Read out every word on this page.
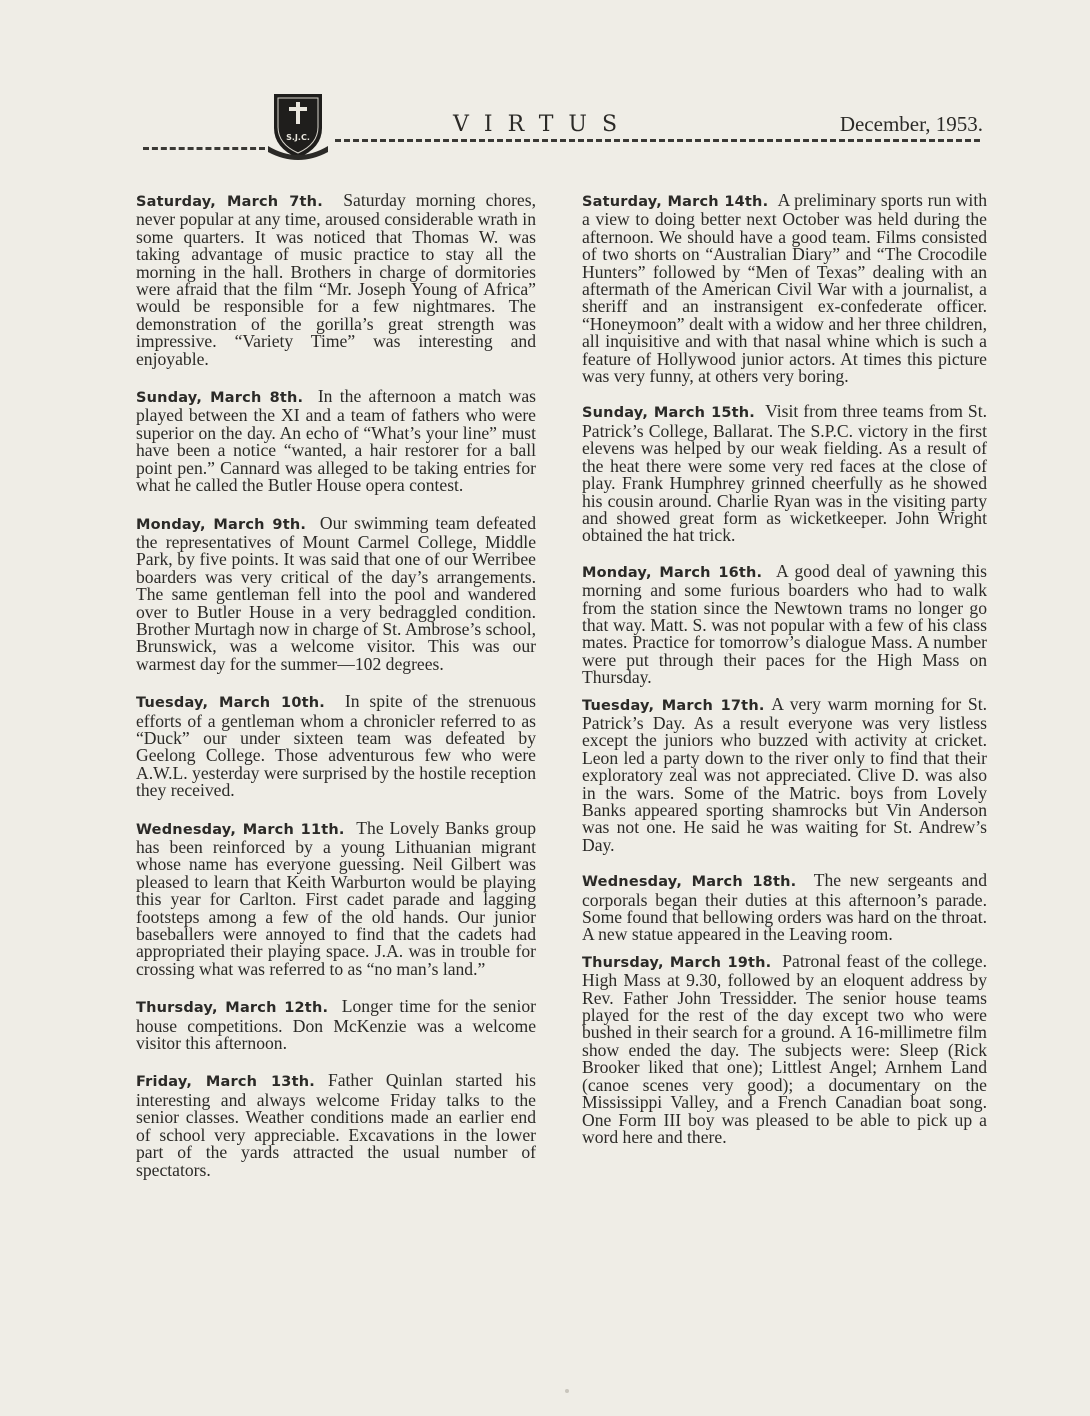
S.J.C.
VIRTUS	December, 1953.

Saturday, March 7th. Saturday morning chores, never popular at any time, aroused considerable wrath in some quarters. It was noticed that Thomas W. was taking advantage of music practice to stay all the morning in the hall. Brothers in charge of dormitories were afraid that the film “Mr. Joseph Young of Africa” would be responsible for a few nightmares. The demonstration of the gorilla’s great strength was impressive. “Variety Time” was interesting and enjoyable.

Sunday, March 8th. In the afternoon a match was played between the XI and a team of fathers who were superior on the day. An echo of “What’s your line” must have been a notice “wanted, a hair restorer for a ball point pen.” Cannard was alleged to be taking entries for what he called the Butler House opera contest.

Monday, March 9th. Our swimming team defeated the representatives of Mount Carmel College, Middle Park, by five points. It was said that one of our Werribee boarders was very critical of the day’s arrangements. The same gentleman fell into the pool and wandered over to Butler House in a very bedraggled condition. Brother Murtagh now in charge of St. Ambrose’s school, Brunswick, was a welcome visitor. This was our warmest day for the summer—102 degrees.

Tuesday, March 10th. In spite of the strenuous efforts of a gentleman whom a chronicler referred to as “Duck” our under sixteen team was defeated by Geelong College. Those adventurous few who were A.W.L. yesterday were surprised by the hostile reception they received.

Wednesday, March 11th. The Lovely Banks group has been reinforced by a young Lithuanian migrant whose name has everyone guessing. Neil Gilbert was pleased to learn that Keith Warburton would be playing this year for Carlton. First cadet parade and lagging footsteps among a few of the old hands. Our junior baseballers were annoyed to find that the cadets had appropriated their playing space. J.A. was in trouble for crossing what was referred to as “no man’s land.”

Thursday, March 12th. Longer time for the senior house competitions. Don McKenzie was a welcome visitor this afternoon.

Friday, March 13th. Father Quinlan started his interesting and always welcome Friday talks to the senior classes. Weather conditions made an earlier end of school very appreciable. Excavations in the lower part of the yards attracted the usual number of spectators.

Saturday, March 14th. A preliminary sports run with a view to doing better next October was held during the afternoon. We should have a good team. Films consisted of two shorts on “Australian Diary” and “The Crocodile Hunters” followed by “Men of Texas” dealing with an aftermath of the American Civil War with a journalist, a sheriff and an instransigent ex-confederate officer. “Honeymoon” dealt with a widow and her three children, all inquisitive and with that nasal whine which is such a feature of Hollywood junior actors. At times this picture was very funny, at others very boring.

Sunday, March 15th. Visit from three teams from St. Patrick’s College, Ballarat. The S.P.C. victory in the first elevens was helped by our weak fielding. As a result of the heat there were some very red faces at the close of play. Frank Humphrey grinned cheerfully as he showed his cousin around. Charlie Ryan was in the visiting party and showed great form as wicketkeeper. John Wright obtained the hat trick.

Monday, March 16th. A good deal of yawning this morning and some furious boarders who had to walk from the station since the Newtown trams no longer go that way. Matt. S. was not popular with a few of his class mates. Practice for tomorrow’s dialogue Mass. A number were put through their paces for the High Mass on Thursday.

Tuesday, March 17th. A very warm morning for St. Patrick’s Day. As a result everyone was very listless except the juniors who buzzed with activity at cricket. Leon led a party down to the river only to find that their exploratory zeal was not appreciated. Clive D. was also in the wars. Some of the Matric. boys from Lovely Banks appeared sporting shamrocks but Vin Anderson was not one. He said he was waiting for St. Andrew’s Day.

Wednesday, March 18th. The new sergeants and corporals began their duties at this afternoon’s parade. Some found that bellowing orders was hard on the throat. A new statue appeared in the Leaving room.

Thursday, March 19th. Patronal feast of the college. High Mass at 9.30, followed by an eloquent address by Rev. Father John Tressidder. The senior house teams played for the rest of the day except two who were bushed in their search for a ground. A 16-millimetre film show ended the day. The subjects were: Sleep (Rick Brooker liked that one); Littlest Angel; Arnhem Land (canoe scenes very good); a documentary on the Mississippi Valley, and a French Canadian boat song. One Form III boy was pleased to be able to pick up a word here and there.
